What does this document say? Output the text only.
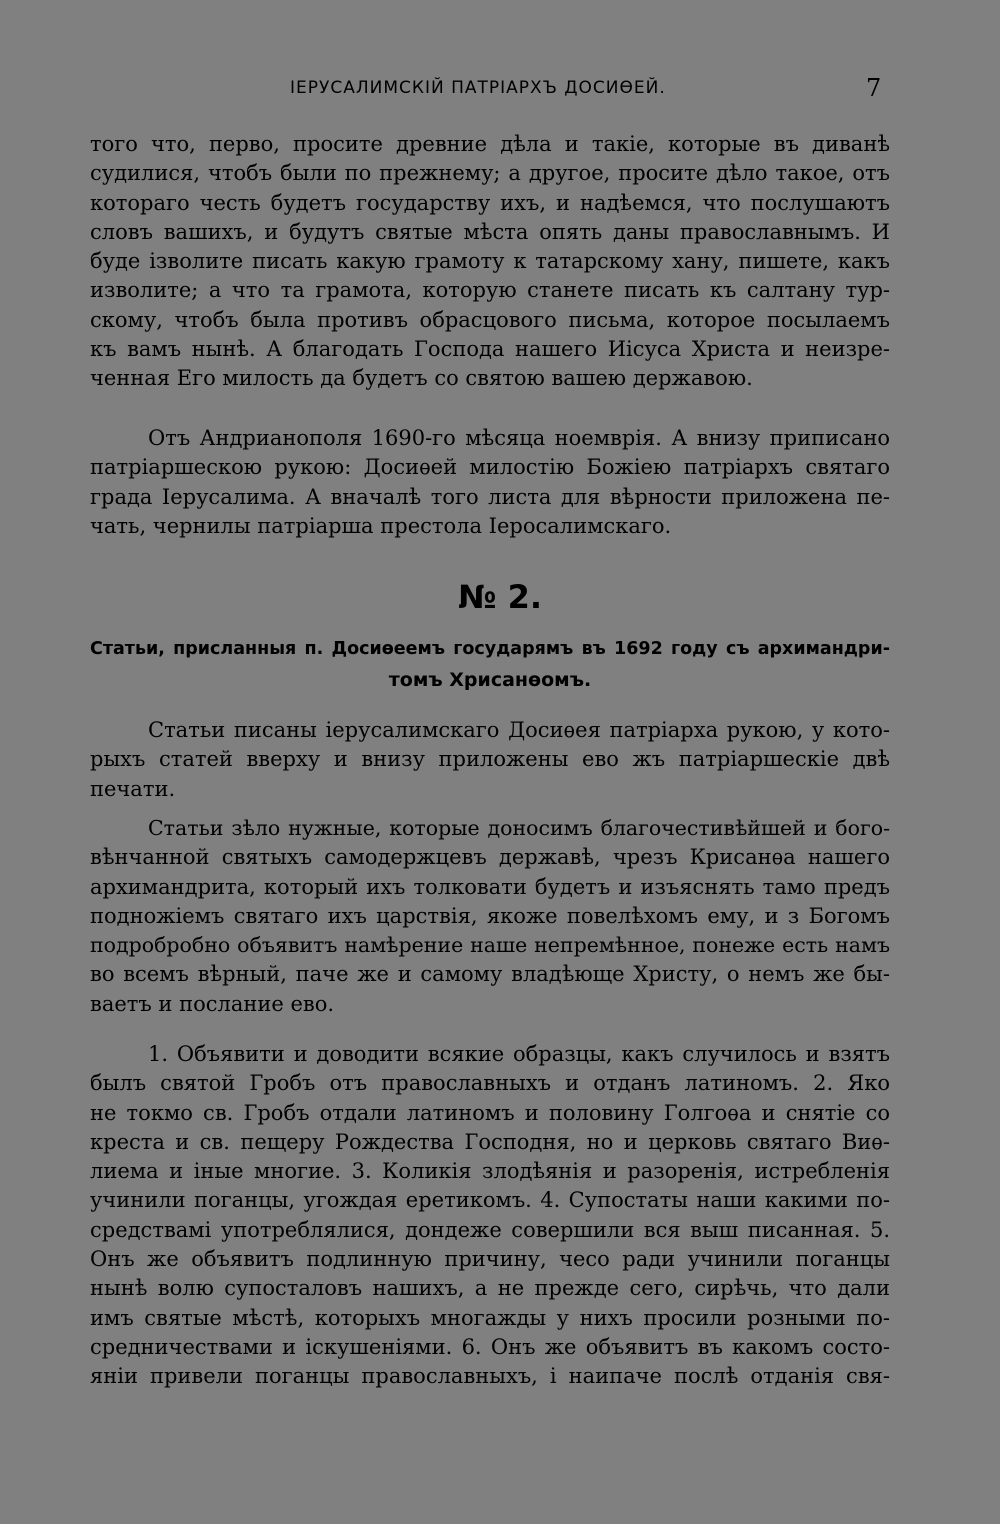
ІЕРУСАЛИМСКІЙ ПАТРІАРХЪ ДОСИѲЕЙ.	7
того что, перво, просите древние дѣла и такіе, которые въ диванѣ
судилися, чтобъ были по прежнему; а другое, просите дѣло такое, отъ
котораго честь будетъ государству ихъ, и надѣемся, что послушаютъ
словъ вашихъ, и будутъ святые мѣста опять даны православнымъ. И
буде ізволите писать какую грамоту к татарскому хану, пишете, какъ
изволите; а что та грамота, которую станете писать къ салтану тур-
скому, чтобъ была противъ обрасцового письма, которое посылаемъ
къ вамъ нынѣ. А благодать Господа нашего Иісуса Христа и неизре-
ченная Его милость да будетъ со святою вашею державою.
Отъ Андрианополя 1690-го мѣсяца ноемврія. А внизу приписано
патріаршескою рукою: Досиѳей милостію Божіею патріархъ святаго
града Іерусалима. А вначалѣ того листа для вѣрности приложена пе-
чать, чернилы патріарша престола Іеросалимскаго.
№ 2.
Статьи, присланныя п. Досиѳеемъ государямъ въ 1692 году съ архимандри-
томъ Хрисанѳомъ.
Статьи писаны іерусалимскаго Досиѳея патріарха рукою, у кото-
рыхъ статей вверху и внизу приложены ево жъ патріаршескіе двѣ
печати.
Статьи зѣло нужные, которые доносимъ благочестивѣйшей и бого-
вѣнчанной святыхъ самодержцевъ державѣ, чрезъ Крисанѳа нашего
архимандрита, который ихъ толковати будетъ и изъяснять тамо предъ
подножіемъ святаго ихъ царствія, якоже повелѣхомъ ему, и з Богомъ
подробробно объявитъ намѣрение наше непремѣнное, понеже есть намъ
во всемъ вѣрный, паче же и самому владѣюще Христу, о немъ же бы-
ваетъ и послание ево.
1. Объявити и доводити всякие образцы, какъ случилось и взятъ
былъ святой Гробъ отъ православныхъ и отданъ латиномъ. 2. Яко
не токмо св. Гробъ отдали латиномъ и половину Голгоѳа и снятіе со
креста и св. пещеру Рождества Господня, но и церковь святаго Виѳ-
лиема и іные многие. 3. Коликія злодѣянія и разоренія, истребленія
учинили поганцы, угождая еретикомъ. 4. Супостаты наши какими по-
средствамі употреблялися, дондеже совершили вся выш писанная. 5.
Онъ же объявитъ подлинную причину, чесо ради учинили поганцы
нынѣ волю супосталовъ нашихъ, а не прежде сего, сирѣчь, что дали
имъ святые мѣстѣ, которыхъ многажды у нихъ просили розными по-
средничествами и іскушеніями. 6. Онъ же объявитъ въ какомъ состо-
яніи привели поганцы православныхъ, і наипаче послѣ отданія свя-
